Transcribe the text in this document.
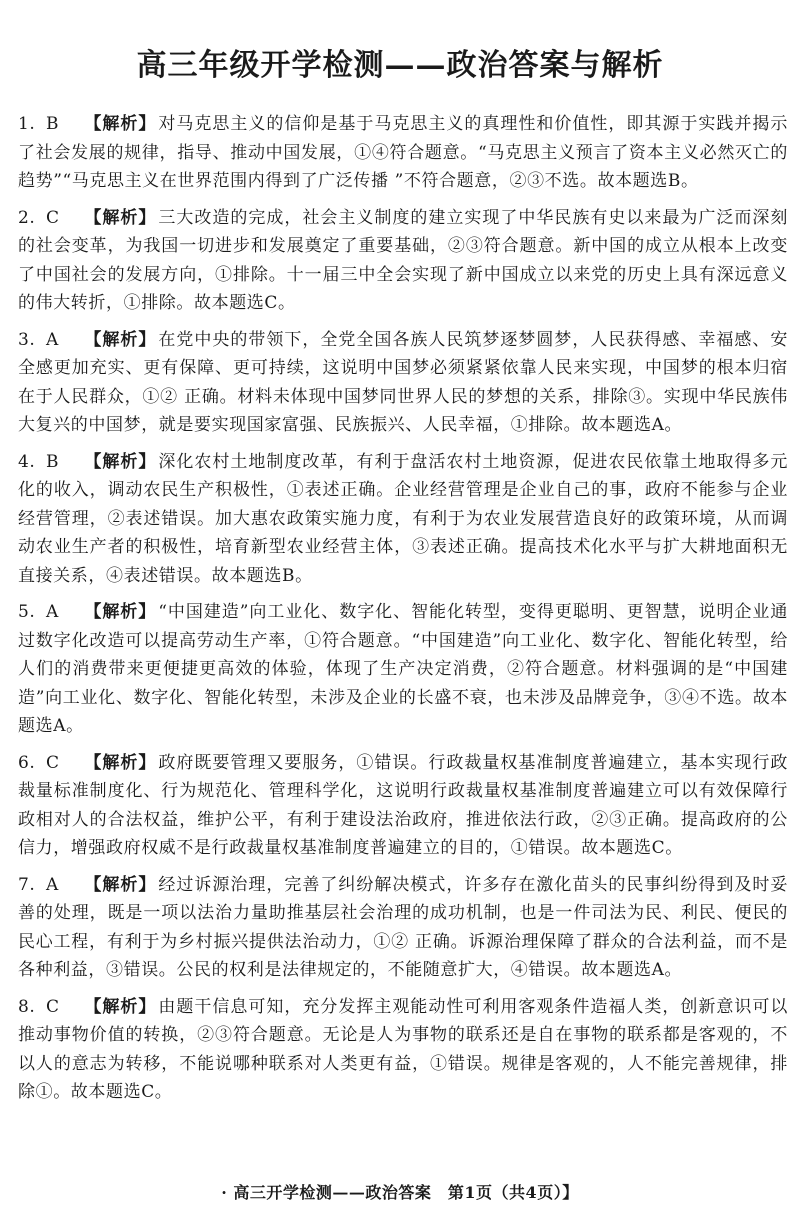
高三年级开学检测——政治答案与解析
1. B 【解析】 对马克思主义的信仰是基于马克思主义的真理性和价值性，即其源于实践并揭示了社会发展的规律，指导、推动中国发展，①④符合题意。“马克思主义预言了资本主义必然灭亡的趋势”“马克思主义在世界范围内得到了广泛传播 ”不符合题意，②③不选。故本题选B。
2. C 【解析】 三大改造的完成，社会主义制度的建立实现了中华民族有史以来最为广泛而深刻的社会变革，为我国一切进步和发展奠定了重要基础，②③符合题意。新中国的成立从根本上改变了中国社会的发展方向，①排除。十一届三中全会实现了新中国成立以来党的历史上具有深远意义的伟大转折，①排除。故本题选C。
3. A 【解析】 在党中央的带领下，全党全国各族人民筑梦逐梦圆梦，人民获得感、幸福感、安全感更加充实、更有保障、更可持续，这说明中国梦必须紧紧依靠人民来实现，中国梦的根本归宿在于人民群众，①② 正确。材料未体现中国梦同世界人民的梦想的关系，排除③。实现中华民族伟大复兴的中国梦，就是要实现国家富强、民族振兴、人民幸福，①排除。故本题选A。
4. B 【解析】 深化农村土地制度改革，有利于盘活农村土地资源，促进农民依靠土地取得多元化的收入，调动农民生产积极性，①表述正确。企业经营管理是企业自己的事，政府不能参与企业经营管理，②表述错误。加大惠农政策实施力度，有利于为农业发展营造良好的政策环境，从而调动农业生产者的积极性，培育新型农业经营主体，③表述正确。提高技术化水平与扩大耕地面积无直接关系，④表述错误。故本题选B。
5. A 【解析】 “中国建造”向工业化、数字化、智能化转型，变得更聪明、更智慧，说明企业通过数字化改造可以提高劳动生产率，①符合题意。“中国建造”向工业化、数字化、智能化转型，给人们的消费带来更便捷更高效的体验，体现了生产决定消费，②符合题意。材料强调的是“中国建造”向工业化、数字化、智能化转型，未涉及企业的长盛不衰，也未涉及品牌竞争，③④不选。故本题选A。
6. C 【解析】 政府既要管理又要服务，①错误。行政裁量权基准制度普遍建立，基本实现行政裁量标准制度化、行为规范化、管理科学化，这说明行政裁量权基准制度普遍建立可以有效保障行政相对人的合法权益，维护公平，有利于建设法治政府，推进依法行政，②③正确。提高政府的公信力，增强政府权威不是行政裁量权基准制度普遍建立的目的，①错误。故本题选C。
7. A 【解析】 经过诉源治理，完善了纠纷解决模式，许多存在激化苗头的民事纠纷得到及时妥善的处理，既是一项以法治力量助推基层社会治理的成功机制，也是一件司法为民、利民、便民的民心工程，有利于为乡村振兴提供法治动力，①② 正确。诉源治理保障了群众的合法利益，而不是各种利益，③错误。公民的权利是法律规定的，不能随意扩大，④错误。故本题选A。
8. C 【解析】 由题干信息可知，充分发挥主观能动性可利用客观条件造福人类，创新意识可以推动事物价值的转换，②③符合题意。无论是人为事物的联系还是自在事物的联系都是客观的，不以人的意志为转移，不能说哪种联系对人类更有益，①错误。规律是客观的，人不能完善规律，排除①。故本题选C。
· 高三开学检测——政治答案　第1页（共4页）】
